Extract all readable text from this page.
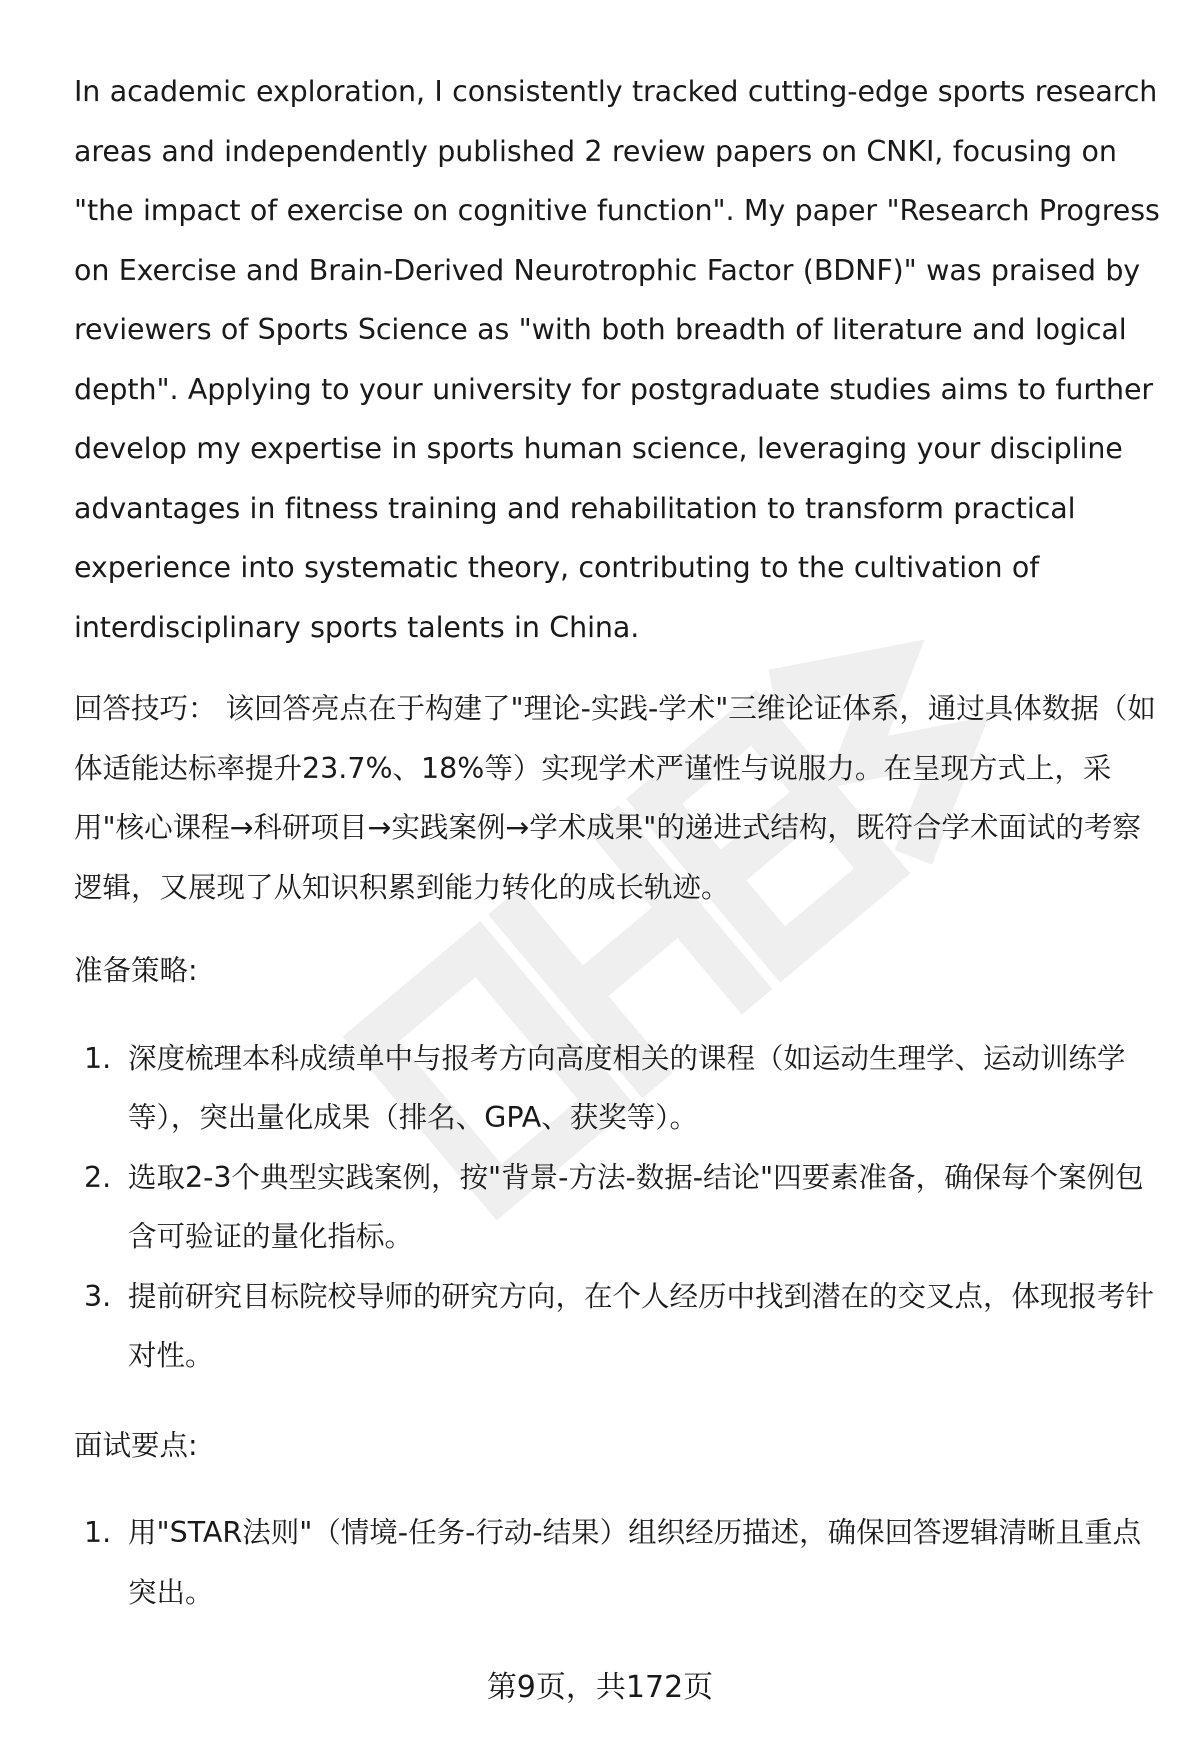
In academic exploration, I consistently tracked cutting-edge sports research areas and independently published 2 review papers on CNKI, focusing on "the impact of exercise on cognitive function". My paper "Research Progress on Exercise and Brain-Derived Neurotrophic Factor (BDNF)" was praised by reviewers of Sports Science as "with both breadth of literature and logical depth". Applying to your university for postgraduate studies aims to further develop my expertise in sports human science, leveraging your discipline advantages in fitness training and rehabilitation to transform practical experience into systematic theory, contributing to the cultivation of interdisciplinary sports talents in China.

回答技巧： 该回答亮点在于构建了"理论-实践-学术"三维论证体系，通过具体数据（如体适能达标率提升23.7%、18%等）实现学术严谨性与说服力。在呈现方式上，采用"核心课程→科研项目→实践案例→学术成果"的递进式结构，既符合学术面试的考察逻辑，又展现了从知识积累到能力转化的成长轨迹。

准备策略:
1. 深度梳理本科成绩单中与报考方向高度相关的课程（如运动生理学、运动训练学等），突出量化成果（排名、GPA、获奖等）。
2. 选取2-3个典型实践案例，按"背景-方法-数据-结论"四要素准备，确保每个案例包含可验证的量化指标。
3. 提前研究目标院校导师的研究方向，在个人经历中找到潜在的交叉点，体现报考针对性。
面试要点:
1. 用"STAR法则"（情境-任务-行动-结果）组织经历描述，确保回答逻辑清晰且重点突出。
第9页，共172页
